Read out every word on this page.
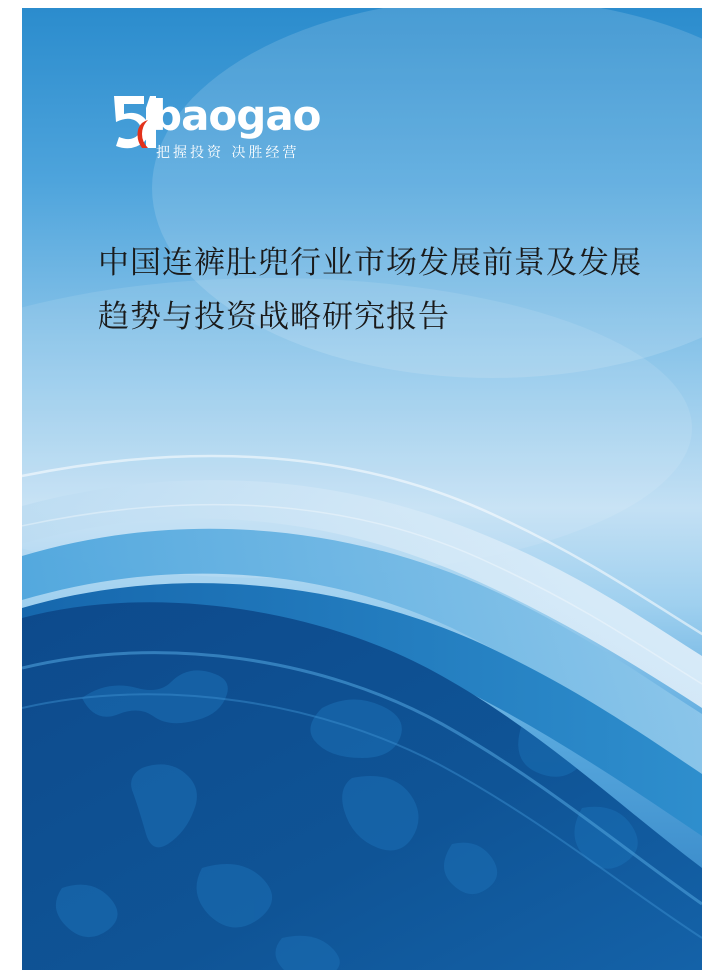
baogao
把握投资 决胜经营
中国连裤肚兜行业市场发展前景及发展趋势与投资战略研究报告
